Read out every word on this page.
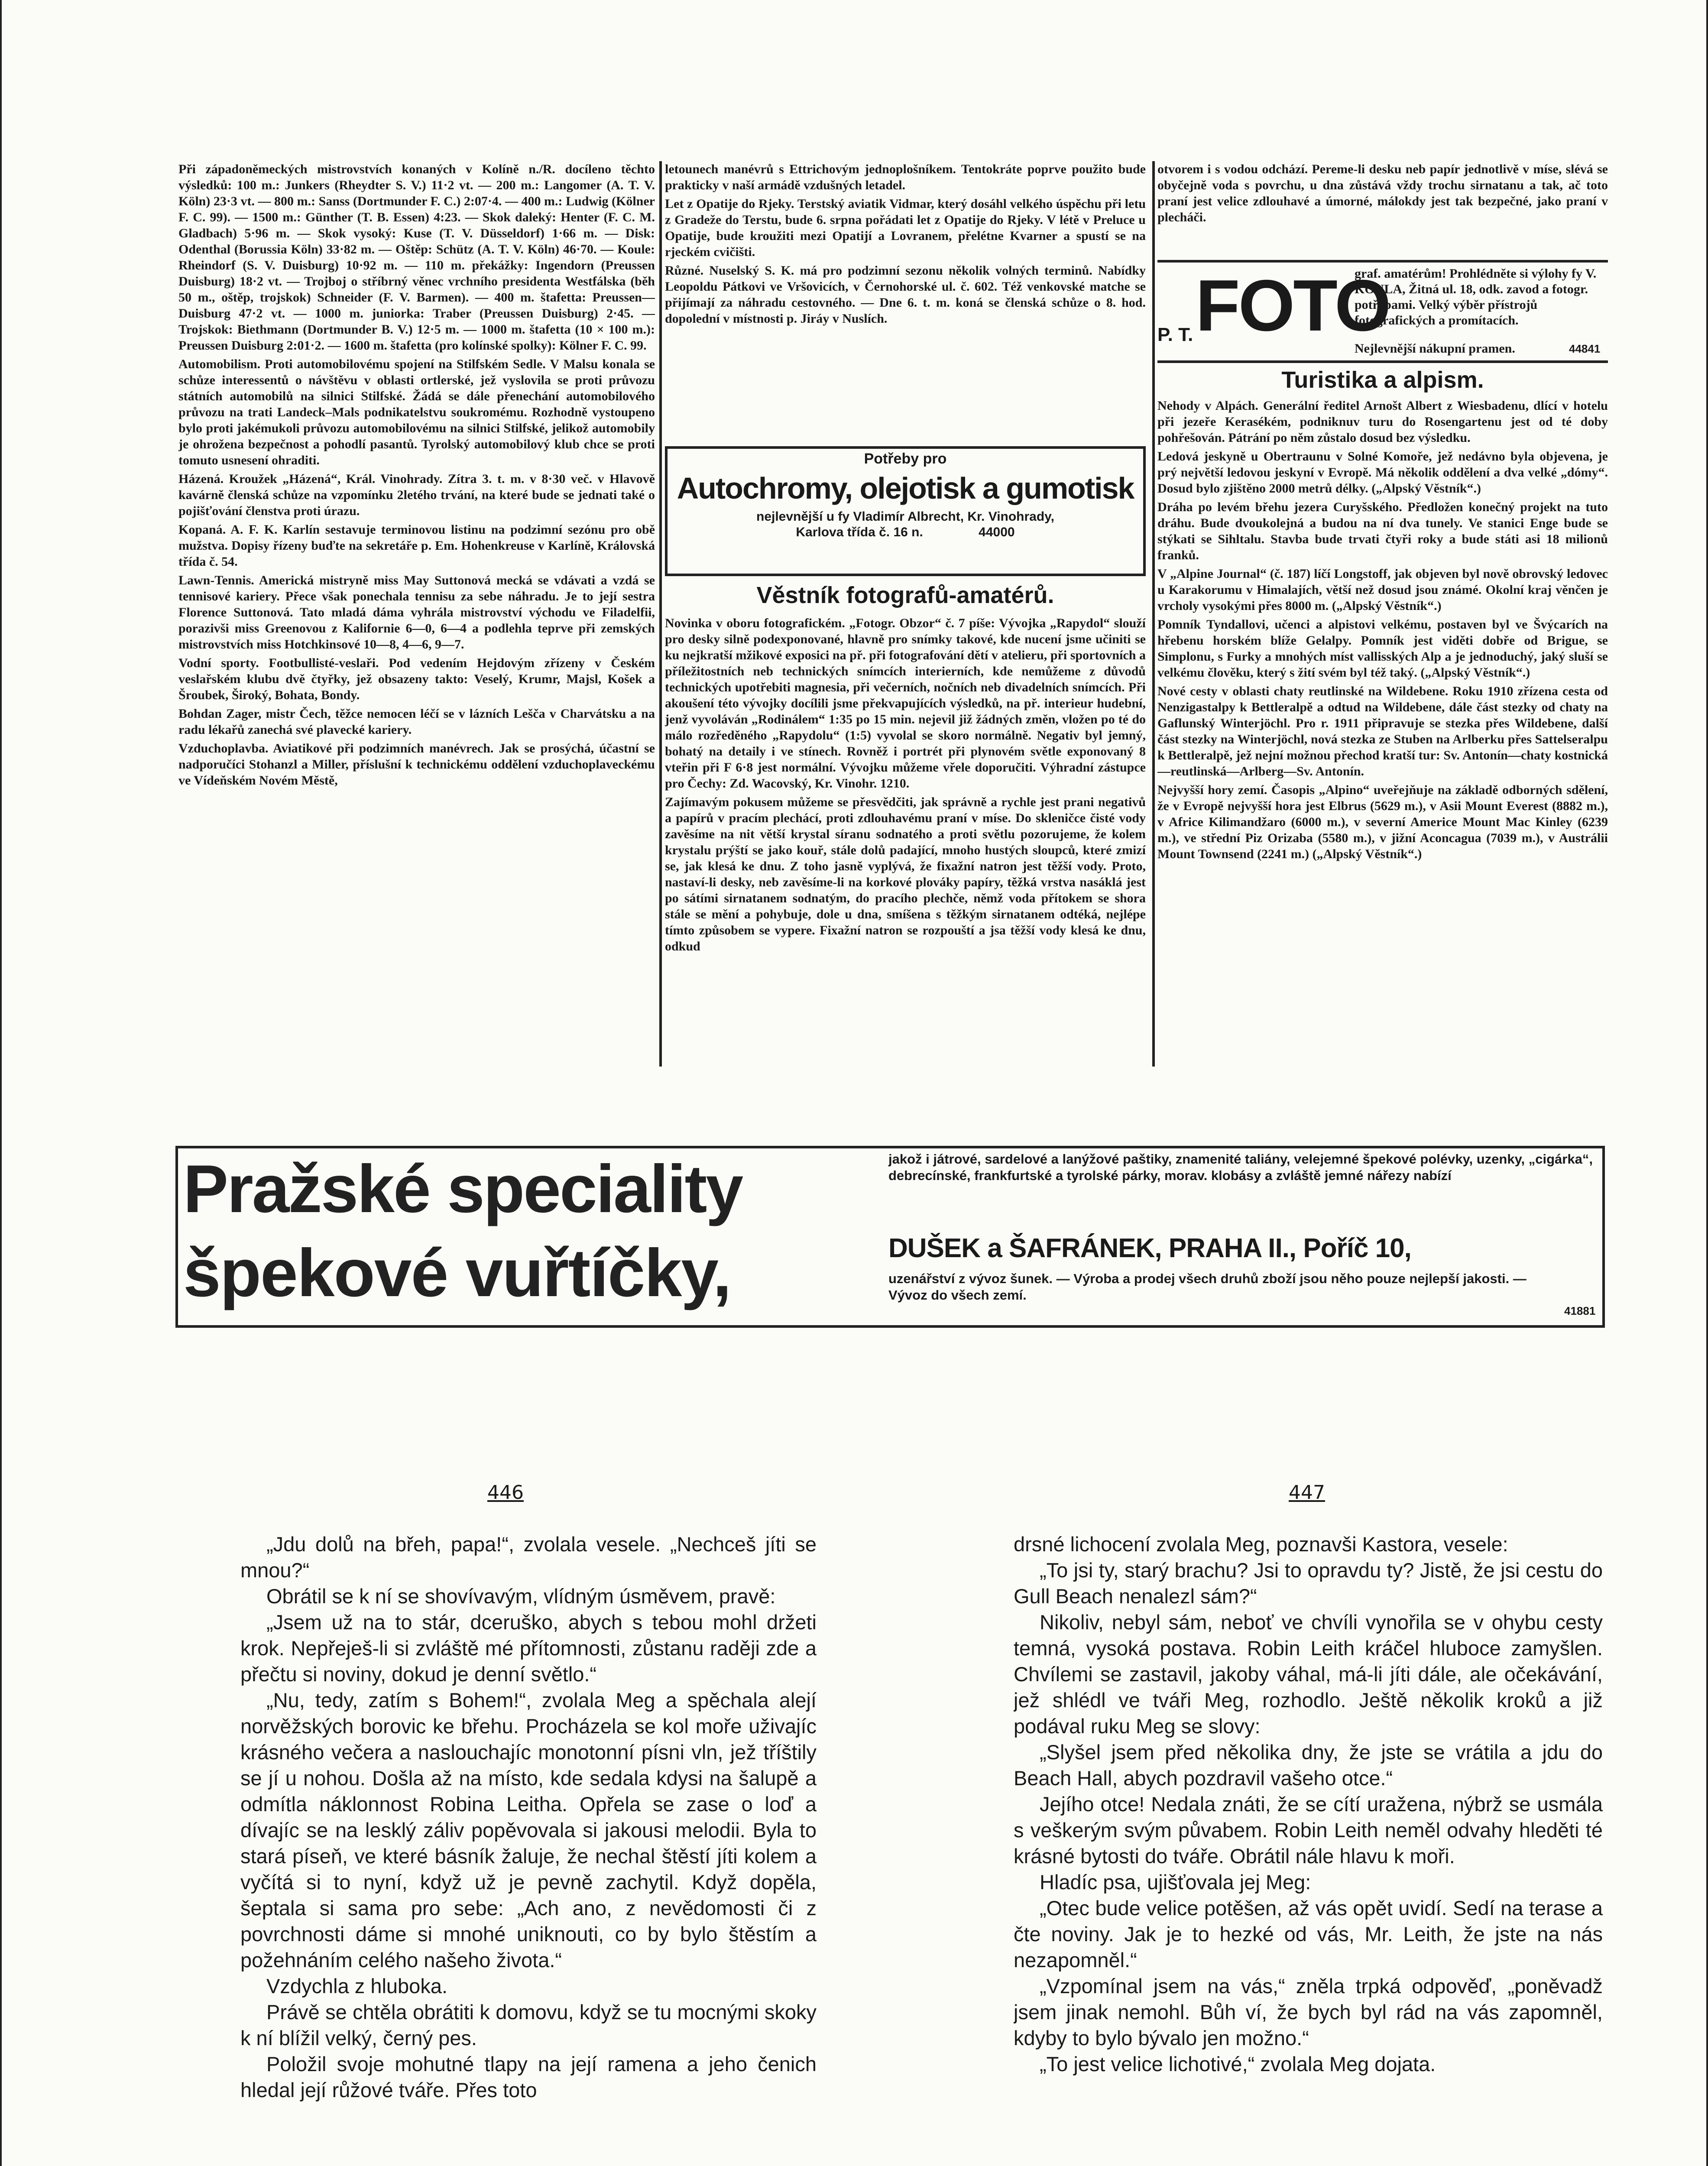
Při západoněmeckých mistrovstvích konaných v Kolíně n./R. docíleno těchto výsledků: 100 m.: Junkers (Rheydter S. V.) 11·2 vt. — 200 m.: Langomer (A. T. V. Köln) 23·3 vt. — 800 m.: Sanss (Dortmunder F. C.) 2:07·4. — 400 m.: Ludwig (Kölner F. C. 99). — 1500 m.: Günther (T. B. Essen) 4:23. — Skok daleký: Henter (F. C. M. Gladbach) 5·96 m. — Skok vysoký: Kuse (T. V. Düsseldorf) 1·66 m. — Disk: Odenthal (Borussia Köln) 33·82 m. — Oštěp: Schütz (A. T. V. Köln) 46·70. — Koule: Rheindorf (S. V. Duisburg) 10·92 m. — 110 m. překážky: Ingendorn (Preussen Duisburg) 18·2 vt. — Trojboj o stříbrný věnec vrchního presidenta Westfálska (běh 50 m., oštěp, trojskok) Schneider (F. V. Barmen). — 400 m. štafetta: Preussen—Duisburg 47·2 vt. — 1000 m. juniorka: Traber (Preussen Duisburg) 2·45. — Trojskok: Biethmann (Dortmunder B. V.) 12·5 m. — 1000 m. štafetta (10 × 100 m.): Preussen Duisburg 2:01·2. — 1600 m. štafetta (pro kolínské spolky): Kölner F. C. 99.

Automobilism. Proti automobilovému spojení na Stilfském Sedle. V Malsu konala se schůze interessentů o návštěvu v oblasti ortlerské, jež vyslovila se proti průvozu státních automobilů na silnici Stilfské. Žádá se dále přenechání automobilového průvozu na trati Landeck–Mals podnikatelstvu soukromému. Rozhodně vystoupeno bylo proti jakémukoli průvozu automobilovému na silnici Stilfské, jelikož automobily je ohrožena bezpečnost a pohodlí pasantů. Tyrolský automobilový klub chce se proti tomuto usnesení ohraditi.

Házená. Kroužek „Házená“, Král. Vinohrady. Zítra 3. t. m. v 8·30 več. v Hlavově kavárně členská schůze na vzpomínku 2letého trvání, na které bude se jednati také o pojišťování členstva proti úrazu.

Kopaná. A. F. K. Karlín sestavuje terminovou listinu na podzimní sezónu pro obě mužstva. Dopisy řízeny buďte na sekretáře p. Em. Hohenkreuse v Karlíně, Královská třída č. 54.

Lawn-Tennis. Americká mistryně miss May Suttonová mecká se vdávati a vzdá se tennisové kariery. Přece však ponechala tennisu za sebe náhradu. Je to její sestra Florence Suttonová. Tato mladá dáma vyhrála mistrovství východu ve Filadelfii, porazivši miss Greenovou z Kalifornie 6—0, 6—4 a podlehla teprve při zemských mistrovstvích miss Hotchkinsové 10—8, 4—6, 9—7.

Vodní sporty. Footbullisté-veslaři. Pod vedením Hejdovým zřízeny v Českém veslařském klubu dvě čtyřky, jež obsazeny takto: Veselý, Krumr, Majsl, Košek a Šroubek, Široký, Bohata, Bondy.

Bohdan Zager, mistr Čech, těžce nemocen léčí se v lázních Lešča v Charvátsku a na radu lékařů zanechá své plavecké kariery.

Vzduchoplavba. Aviatikové při podzimních manévrech. Jak se prosýchá, účastní se nadporučíci Stohanzl a Miller, příslušní k technickému oddělení vzduchoplaveckému ve Vídeňském Novém Městě,

letounech manévrů s Ettrichovým jednoplošníkem. Tentokráte poprve použito bude prakticky v naší armádě vzdušných letadel.

Let z Opatije do Rjeky. Terstský aviatik Vidmar, který dosáhl velkého úspěchu při letu z Gradeže do Terstu, bude 6. srpna pořádati let z Opatije do Rjeky. V létě v Preluce u Opatije, bude kroužiti mezi Opatijí a Lovranem, přelétne Kvarner a spustí se na rjeckém cvičišti.

Různé. Nuselský S. K. má pro podzimní sezonu několik volných terminů. Nabídky Leopoldu Pátkovi ve Vršovicích, v Černohorské ul. č. 602. Též venkovské matche se přijímají za náhradu cestovného. — Dne 6. t. m. koná se členská schůze o 8. hod. dopolední v místnosti p. Jiráy v Nuslích.

Potřeby pro
Autochromy, olejotisk a gumotisk
nejlevnější u fy Vladimír Albrecht, Kr. Vinohrady,
Karlova třída č. 16 n.	44000
Věstník fotografů-amatérů.

Novinka v oboru fotografickém. „Fotogr. Obzor“ č. 7 píše: Vývojka „Rapydol“ slouží pro desky silně podexponované, hlavně pro snímky takové, kde nucení jsme učiniti se ku nejkratší mžikové exposici na př. při fotografování dětí v atelieru, při sportovních a příležitostních neb technických snímcích interierních, kde nemůžeme z důvodů technických upotřebiti magnesia, při večerních, nočních neb divadelních snímcích. Při akoušení této vývojky docílili jsme překvapujících výsledků, na př. interieur hudební, jenž vyvoláván „Rodinálem“ 1:35 po 15 min. nejevil již žádných změn, vložen po té do málo rozředěného „Rapydolu“ (1:5) vyvolal se skoro normálně. Negativ byl jemný, bohatý na detaily i ve stínech. Rovněž i portrét při plynovém světle exponovaný 8 vteřin při F 6·8 jest normální. Vývojku můžeme vřele doporučiti. Výhradní zástupce pro Čechy: Zd. Wacovský, Kr. Vinohr. 1210.

Zajímavým pokusem můžeme se přesvědčiti, jak správně a rychle jest prani negativů a papírů v pracím plechácí, proti zdlouhavému praní v míse. Do skleničce čisté vody zavěsíme na nit větší krystal síranu sodnatého a proti světlu pozorujeme, že kolem krystalu prýští se jako kouř, stále dolů padající, mnoho hustých sloupců, které zmizí se, jak klesá ke dnu. Z toho jasně vyplývá, že fixažní natron jest těžší vody. Proto, nastaví-li desky, neb zavěsíme-li na korkové plováky papíry, těžká vrstva nasáklá jest po sátími sirnatanem sodnatým, do pracího plechče, němž voda přítokem se shora stále se mění a pohybuje, dole u dna, smíšena s těžkým sirnatanem odtéká, nejlépe tímto způsobem se vypere. Fixažní natron se rozpouští a jsa těžší vody klesá ke dnu, odkud

otvorem i s vodou odchází. Pereme-li desku neb papír jednotlivě v míse, slévá se obyčejně voda s povrchu, u dna zůstává vždy trochu sirnatanu a tak, ač toto praní jest velice zdlouhavé a úmorné, málokdy jest tak bezpečné, jako praní v plecháči.

P. T. FOTO
graf. amatérům! Prohlédněte si výlohy fy V. KOULA, Žitná ul. 18, odk. zavod a fotogr. potřebami. Velký výběr přístrojů fotografických a promítacích.
Nejlevnější nákupní pramen.	44841
Turistika a alpism.

Nehody v Alpách. Generální ředitel Arnošt Albert z Wiesbadenu, dlící v hotelu při jezeře Kerasékém, podniknuv turu do Rosengartenu jest od té doby pohřešován. Pátrání po něm zůstalo dosud bez výsledku.

Ledová jeskyně u Obertraunu v Solné Komoře, jež nedávno byla objevena, je prý největší ledovou jeskyní v Evropě. Má několik oddělení a dva velké „dómy“. Dosud bylo zjištěno 2000 metrů délky. („Alpský Věstník“.)

Dráha po levém břehu jezera Curyšského. Předložen konečný projekt na tuto dráhu. Bude dvoukolejná a budou na ní dva tunely. Ve stanici Enge bude se stýkati se Sihltalu. Stavba bude trvati čtyři roky a bude státi asi 18 milionů franků.

V „Alpine Journal“ (č. 187) líčí Longstoff, jak objeven byl nově obrovský ledovec u Karakorumu v Himalajích, větší než dosud jsou známé. Okolní kraj věnčen je vrcholy vysokými přes 8000 m. („Alpský Věstník“.)

Pomník Tyndallovi, učenci a alpistovi velkému, postaven byl ve Švýcarích na hřebenu horském blíže Gelalpy. Pomník jest viděti dobře od Brigue, se Simplonu, s Furky a mnohých míst vallisských Alp a je jednoduchý, jaký sluší se velkému člověku, který s žití svém byl též taký. („Alpský Věstník“.)

Nové cesty v oblasti chaty reutlinské na Wildebene. Roku 1910 zřízena cesta od Nenzigastalpy k Bettleralpě a odtud na Wildebene, dále část stezky od chaty na Gaflunský Winterjöchl. Pro r. 1911 připravuje se stezka přes Wildebene, další část stezky na Winterjöchl, nová stezka ze Stuben na Arlberku přes Sattelseralpu k Bettleralpě, jež nejní možnou přechod kratší tur: Sv. Antonín—chaty kostnická—reutlinská—Arlberg—Sv. Antonín.

Nejvyšší hory zemí. Časopis „Alpino“ uveřejňuje na základě odborných sdělení, že v Evropě nejvyšší hora jest Elbrus (5629 m.), v Asii Mount Everest (8882 m.), v Africe Kilimandžaro (6000 m.), v severní Americe Mount Mac Kinley (6239 m.), ve střední Piz Orizaba (5580 m.), v jižní Aconcagua (7039 m.), v Austrálii Mount Townsend (2241 m.) („Alpský Věstník“.)

Pražské speciality
špekové vuřtíčky,
jakož i játrové, sardelové a lanýžové paštiky, znamenité taliány, velejemné špekové polévky, uzenky, „cigárka“, debrecínské, frankfurtské a tyrolské párky, morav. klobásy a zvláště jemné nářezy nabízí
DUŠEK a ŠAFRÁNEK, PRAHA II., Poříč 10,
uzenářství z vývoz šunek. — Výroba a prodej všech druhů zboží jsou něho pouze nejlepší jakosti. — Vývoz do všech zemí.
41881
446	447

„Jdu dolů na břeh, papa!“, zvolala vesele. „Nechceš jíti se mnou?“

Obrátil se k ní se shovívavým, vlídným úsměvem, pravě:

„Jsem už na to stár, dceruško, abych s tebou mohl držeti krok. Nepřeješ-li si zvláště mé přítomnosti, zůstanu raději zde a přečtu si noviny, dokud je denní světlo.“

„Nu, tedy, zatím s Bohem!“, zvolala Meg a spěchala alejí norvěžských borovic ke břehu. Procházela se kol moře uživajíc krásného večera a naslouchajíc monotonní písni vln, jež tříštily se jí u nohou. Došla až na místo, kde sedala kdysi na šalupě a odmítla náklonnost Robina Leitha. Opřela se zase o loď a dívajíc se na lesklý záliv popěvovala si jakousi melodii. Byla to stará píseň, ve které básník žaluje, že nechal štěstí jíti kolem a vyčítá si to nyní, když už je pevně zachytil. Když dopěla, šeptala si sama pro sebe: „Ach ano, z nevědomosti či z povrchnosti dáme si mnohé uniknouti, co by bylo štěstím a požehnáním celého našeho života.“

Vzdychla z hluboka.

Právě se chtěla obrátiti k domovu, když se tu mocnými skoky k ní blížil velký, černý pes.

Položil svoje mohutné tlapy na její ramena a jeho čenich hledal její růžové tváře. Přes toto

drsné lichocení zvolala Meg, poznavši Kastora, vesele:

„To jsi ty, starý brachu? Jsi to opravdu ty? Jistě, že jsi cestu do Gull Beach nenalezl sám?“

Nikoliv, nebyl sám, neboť ve chvíli vynořila se v ohybu cesty temná, vysoká postava. Robin Leith kráčel hluboce zamyšlen. Chvílemi se zastavil, jakoby váhal, má-li jíti dále, ale očekávání, jež shlédl ve tváři Meg, rozhodlo. Ještě několik kroků a již podával ruku Meg se slovy:

„Slyšel jsem před několika dny, že jste se vrátila a jdu do Beach Hall, abych pozdravil vašeho otce.“

Jejího otce! Nedala znáti, že se cítí uražena, nýbrž se usmála s veškerým svým půvabem. Robin Leith neměl odvahy hleděti té krásné bytosti do tváře. Obrátil nále hlavu k moři.

Hladíc psa, ujišťovala jej Meg:

„Otec bude velice potěšen, až vás opět uvidí. Sedí na terase a čte noviny. Jak je to hezké od vás, Mr. Leith, že jste na nás nezapomněl.“

„Vzpomínal jsem na vás,“ zněla trpká odpověď, „poněvadž jsem jinak nemohl. Bůh ví, že bych byl rád na vás zapomněl, kdyby to bylo bývalo jen možno.“

„To jest velice lichotivé,“ zvolala Meg dojata.
